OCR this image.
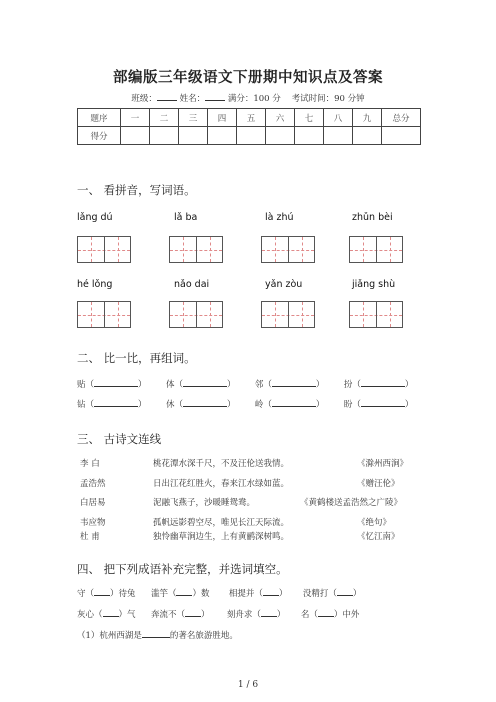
部编版三年级语文下册期中知识点及答案
班级：	姓名：	满分：100 分 考试时间：90 分钟
题序	一	二	三	四	五	六	七	八	九	总分
得分										
一、 看拼音，写词语。
lǎng dú	lǎ ba	là zhú	zhǔn bèi
hé lǒng	nǎo dai	yǎn zòu	jiǎng shù
二、 比一比，再组词。
贴（	） 体（	） 邻（	） 扮（	）
钻（	） 休（	） 岭（	） 盼（	）
三、 古诗文连线
李 白	桃花潭水深千尺，不及汪伦送我情。	《滁州西涧》
孟浩然	日出江花红胜火，春来江水绿如蓝。	《赠汪伦》
白居易	泥融飞燕子，沙暖睡鸳鸯。	《黄鹤楼送孟浩然之广陵》
韦应物	孤帆远影碧空尽，唯见长江天际流。	《绝句》
杜 甫	独怜幽草涧边生，上有黄鹂深树鸣。	《忆江南》
四、 把下列成语补充完整，并选词填空。
守（ ）待兔 滥竽（ ）数 相提并（ ） 没精打（ ）
灰心（ ）气 奔流不（ ） 刻舟求（ ） 名（ ）中外
（1）杭州西湖是	的著名旅游胜地。
1 / 6
